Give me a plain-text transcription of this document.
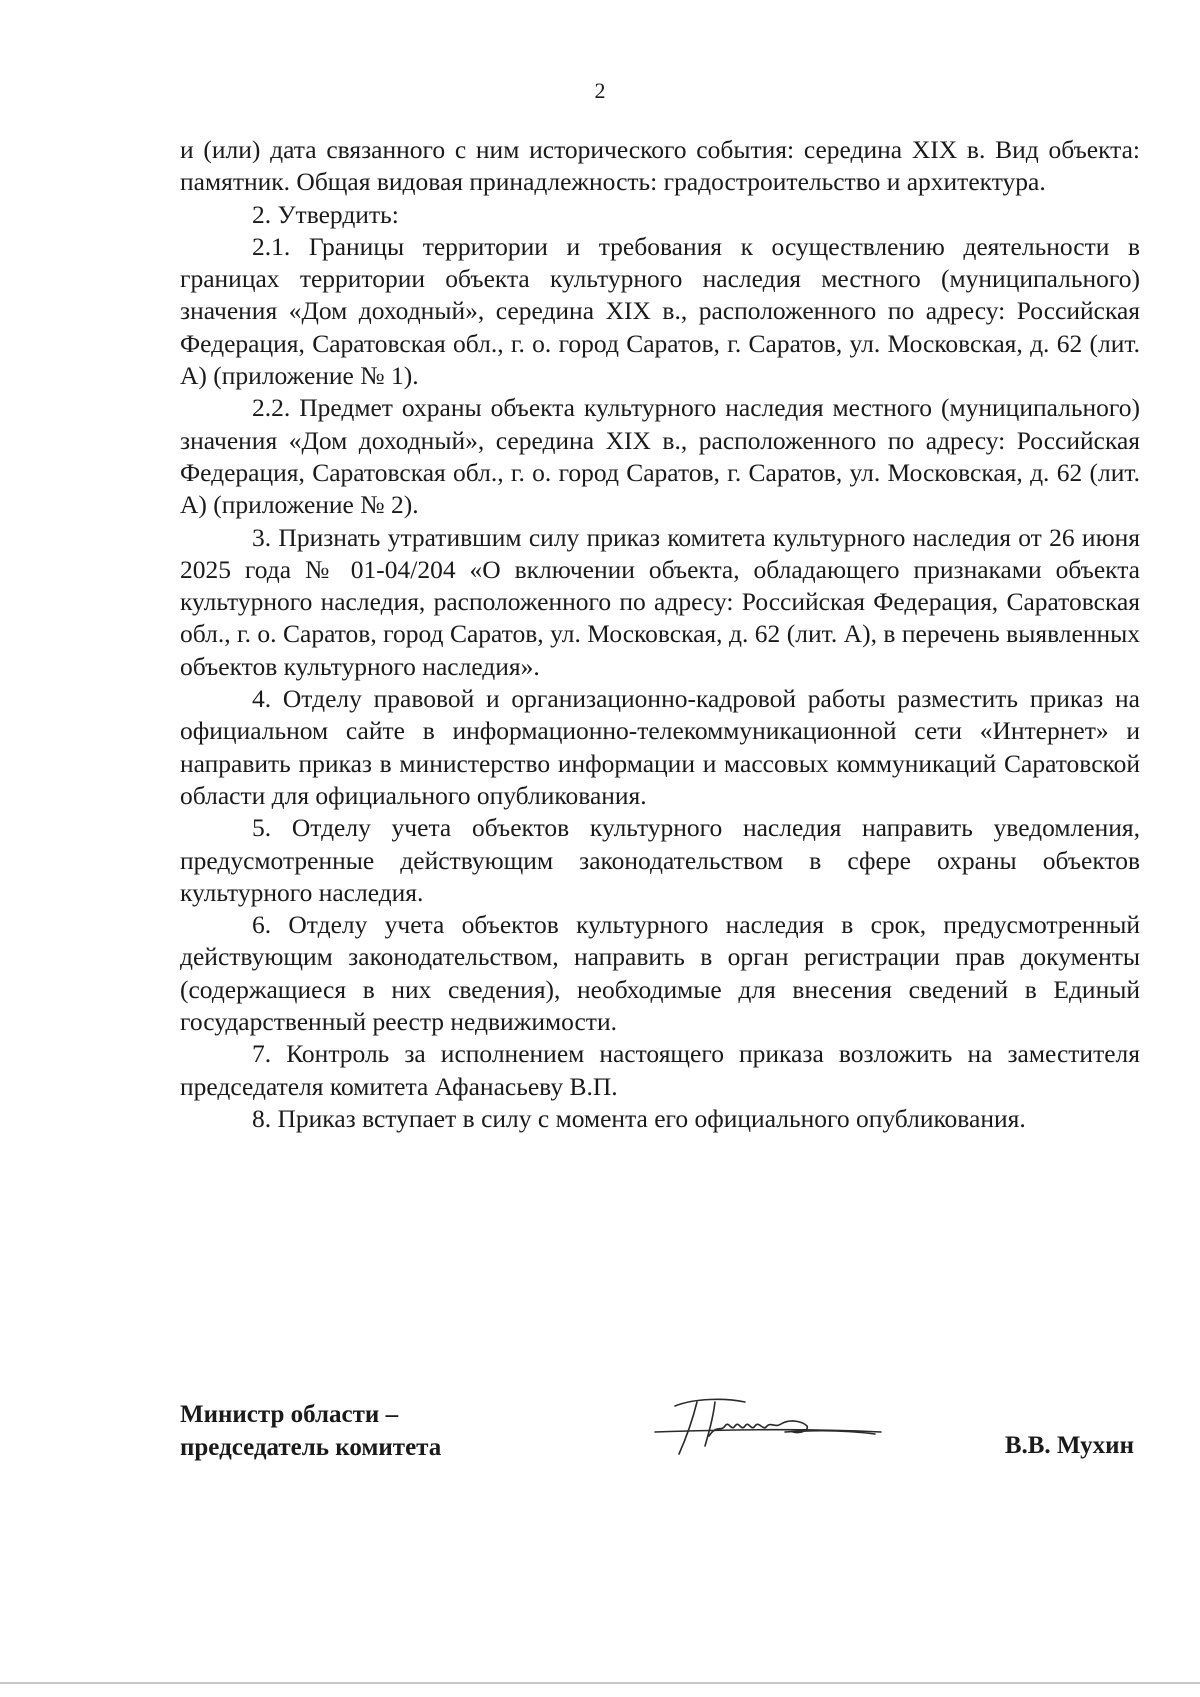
2

и (или) дата связанного с ним исторического события: середина XIX в. Вид объекта: памятник. Общая видовая принадлежность: градостроительство и архитектура.

2. Утвердить:

2.1. Границы территории и требования к осуществлению деятельности в границах территории объекта культурного наследия местного (муниципального) значения «Дом доходный», середина XIX в., расположенного по адресу: Российская Федерация, Саратовская обл., г. о. город Саратов, г. Саратов, ул. Московская, д. 62 (лит. А) (приложение № 1).

2.2. Предмет охраны объекта культурного наследия местного (муниципального) значения «Дом доходный», середина XIX в., расположенного по адресу: Российская Федерация, Саратовская обл., г. о. город Саратов, г. Саратов, ул. Московская, д. 62 (лит. А) (приложение № 2).

3. Признать утратившим силу приказ комитета культурного наследия от 26 июня 2025 года № 01-04/204 «О включении объекта, обладающего признаками объекта культурного наследия, расположенного по адресу: Российская Федерация, Саратовская обл., г. о. Саратов, город Саратов, ул. Московская, д. 62 (лит. А), в перечень выявленных объектов культурного наследия».

4. Отделу правовой и организационно-кадровой работы разместить приказ на официальном сайте в информационно-телекоммуникационной сети «Интернет» и направить приказ в министерство информации и массовых коммуникаций Саратовской области для официального опубликования.

5. Отделу учета объектов культурного наследия направить уведомления, предусмотренные действующим законодательством в сфере охраны объектов культурного наследия.

6. Отделу учета объектов культурного наследия в срок, предусмотренный действующим законодательством, направить в орган регистрации прав документы (содержащиеся в них сведения), необходимые для внесения сведений в Единый государственный реестр недвижимости.

7. Контроль за исполнением настоящего приказа возложить на заместителя председателя комитета Афанасьеву В.П.

8. Приказ вступает в силу с момента его официального опубликования.

Министр области –
председатель комитета	В.В. Мухин
